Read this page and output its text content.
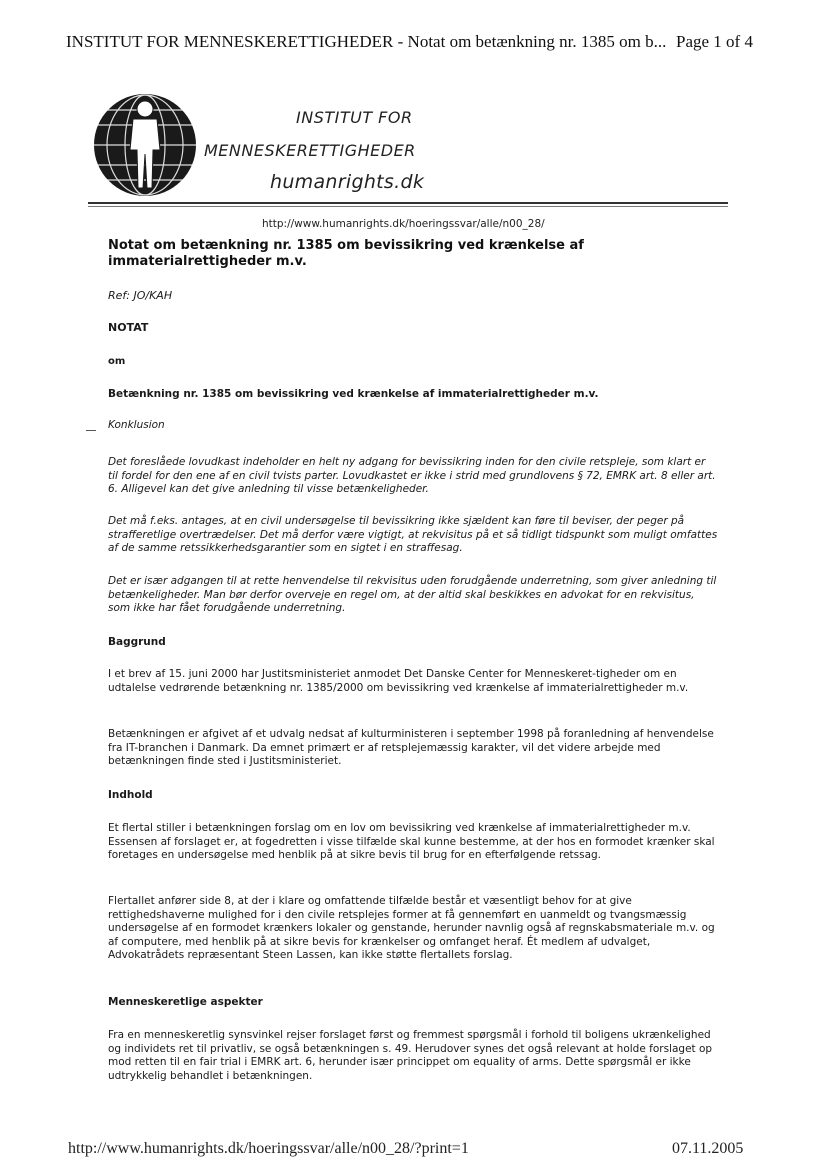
INSTITUT FOR MENNESKERETTIGHEDER - Notat om betænkning nr. 1385 om b... Page 1 of 4
INSTITUT FOR
MENNESKERETTIGHEDER
humanrights.dk
http://www.humanrights.dk/hoeringssvar/alle/n00_28/
Notat om betænkning nr. 1385 om bevissikring ved krænkelse af immaterialrettigheder m.v.
Ref: JO/KAH
NOTAT
om
Betænkning nr. 1385 om bevissikring ved krænkelse af immaterialrettigheder m.v.
Konklusion
Det foreslåede lovudkast indeholder en helt ny adgang for bevissikring inden for den civile retspleje, som klart er til fordel for den ene af en civil tvists parter. Lovudkastet er ikke i strid med grundlovens § 72, EMRK art. 8 eller art. 6. Alligevel kan det give anledning til visse betænkeligheder.
Det må f.eks. antages, at en civil undersøgelse til bevissikring ikke sjældent kan føre til beviser, der peger på strafferetlige overtrædelser. Det må derfor være vigtigt, at rekvisitus på et så tidligt tidspunkt som muligt omfattes af de samme retssikkerhedsgarantier som en sigtet i en straffesag.
Det er især adgangen til at rette henvendelse til rekvisitus uden forudgående underretning, som giver anledning til betænkeligheder. Man bør derfor overveje en regel om, at der altid skal beskikkes en advokat for en rekvisitus, som ikke har fået forudgående underretning.
Baggrund
I et brev af 15. juni 2000 har Justitsministeriet anmodet Det Danske Center for Menneskeret-tigheder om en udtalelse vedrørende betænkning nr. 1385/2000 om bevissikring ved krænkelse af immaterialrettigheder m.v.
Betænkningen er afgivet af et udvalg nedsat af kulturministeren i september 1998 på foranledning af henvendelse fra IT-branchen i Danmark. Da emnet primært er af retsplejemæssig karakter, vil det videre arbejde med betænkningen finde sted i Justitsministeriet.
Indhold
Et flertal stiller i betænkningen forslag om en lov om bevissikring ved krænkelse af immaterialrettigheder m.v. Essensen af forslaget er, at fogedretten i visse tilfælde skal kunne bestemme, at der hos en formodet krænker skal foretages en undersøgelse med henblik på at sikre bevis til brug for en efterfølgende retssag.
Flertallet anfører side 8, at der i klare og omfattende tilfælde består et væsentligt behov for at give rettighedshaverne mulighed for i den civile retsplejes former at få gennemført en uanmeldt og tvangsmæssig undersøgelse af en formodet krænkers lokaler og genstande, herunder navnlig også af regnskabsmateriale m.v. og af computere, med henblik på at sikre bevis for krænkelser og omfanget heraf. Ét medlem af udvalget, Advokatrådets repræsentant Steen Lassen, kan ikke støtte flertallets forslag.
Menneskeretlige aspekter
Fra en menneskeretlig synsvinkel rejser forslaget først og fremmest spørgsmål i forhold til boligens ukrænkelighed og individets ret til privatliv, se også betænkningen s. 49. Herudover synes det også relevant at holde forslaget op mod retten til en fair trial i EMRK art. 6, herunder især princippet om equality of arms. Dette spørgsmål er ikke udtrykkelig behandlet i betænkningen.
http://www.humanrights.dk/hoeringssvar/alle/n00_28/?print=1	07.11.2005
